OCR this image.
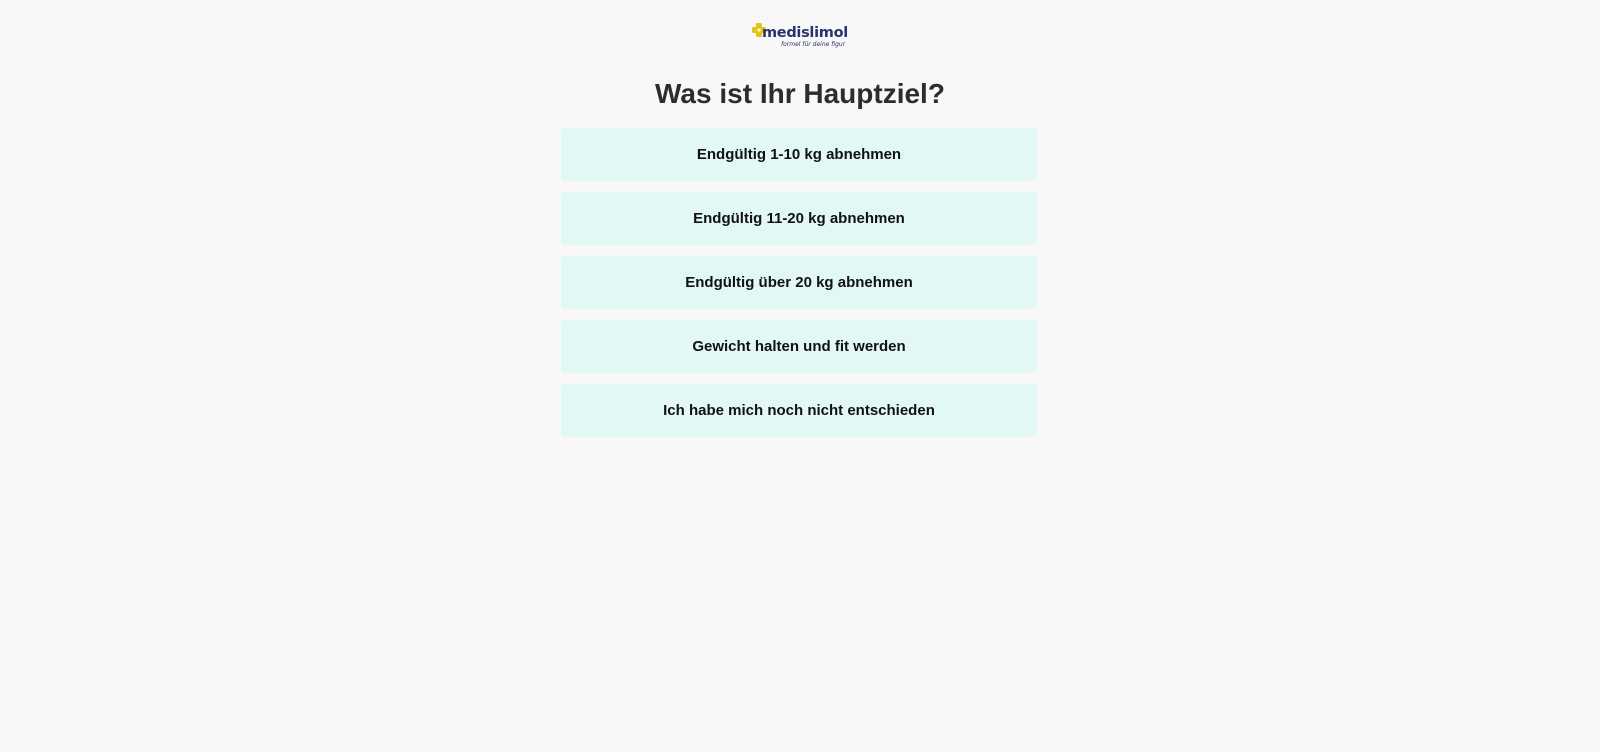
medislimol
formel für deine figur
Was ist Ihr Hauptziel?
Endgültig 1-10 kg abnehmen
Endgültig 11-20 kg abnehmen
Endgültig über 20 kg abnehmen
Gewicht halten und fit werden
Ich habe mich noch nicht entschieden
